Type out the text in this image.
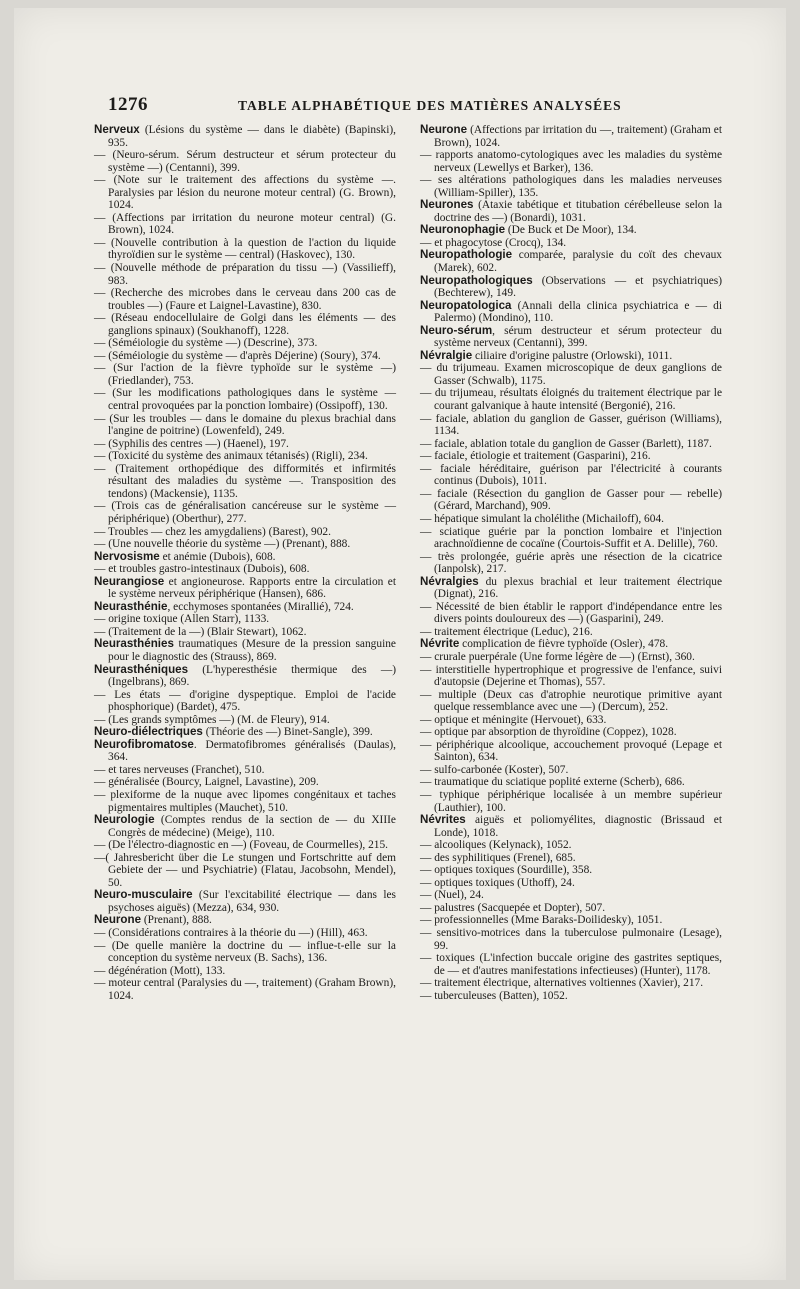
1276	TABLE ALPHABÉTIQUE DES MATIÈRES ANALYSÉES

Nerveux (Lésions du système — dans le diabète) (Bapinski), 935.

— (Neuro-sérum. Sérum destructeur et sérum protecteur du système —) (Centanni), 399.

— (Note sur le traitement des affections du système —. Paralysies par lésion du neurone moteur central) (G. Brown), 1024.

— (Affections par irritation du neurone moteur central) (G. Brown), 1024.

— (Nouvelle contribution à la question de l'action du liquide thyroïdien sur le système — central) (Haskovec), 130.

— (Nouvelle méthode de préparation du tissu —) (Vassilieff), 983.

— (Recherche des microbes dans le cerveau dans 200 cas de troubles —) (Faure et Laignel-Lavastine), 830.

— (Réseau endocellulaire de Golgi dans les éléments — des ganglions spinaux) (Soukhanoff), 1228.

— (Séméiologie du système —) (Descrine), 373.

— (Séméiologie du système — d'après Déjerine) (Soury), 374.

— (Sur l'action de la fièvre typhoïde sur le système —) (Friedlander), 753.

— (Sur les modifications pathologiques dans le système — central provoquées par la ponction lombaire) (Ossipoff), 130.

— (Sur les troubles — dans le domaine du plexus brachial dans l'angine de poitrine) (Lowenfeld), 249.

— (Syphilis des centres —) (Haenel), 197.

— (Toxicité du système des animaux tétanisés) (Rigli), 234.

— (Traitement orthopédique des difformités et infirmités résultant des maladies du système —. Transposition des tendons) (Mackensie), 1135.

— (Trois cas de généralisation cancéreuse sur le système — périphérique) (Oberthur), 277.

— Troubles — chez les amygdaliens) (Barest), 902.

— (Une nouvelle théorie du système —) (Prenant), 888.

Nervosisme et anémie (Dubois), 608.

— et troubles gastro-intestinaux (Dubois), 608.

Neurangiose et angioneurose. Rapports entre la circulation et le système nerveux périphérique (Hansen), 686.

Neurasthénie, ecchymoses spontanées (Mirallié), 724.

— origine toxique (Allen Starr), 1133.

— (Traitement de la —) (Blair Stewart), 1062.

Neurasthénies traumatiques (Mesure de la pression sanguine pour le diagnostic des (Strauss), 869.

Neurasthéniques (L'hyperesthésie thermique des —) (Ingelbrans), 869.

— Les états — d'origine dyspeptique. Emploi de l'acide phosphorique) (Bardet), 475.

— (Les grands symptômes —) (M. de Fleury), 914.

Neuro-diélectriques (Théorie des —) Binet-Sangle), 399.

Neurofibromatose. Dermatofibromes généralisés (Daulas), 364.

— et tares nerveuses (Franchet), 510.

— généralisée (Bourcy, Laignel, Lavastine), 209.

— plexiforme de la nuque avec lipomes congénitaux et taches pigmentaires multiples (Mauchet), 510.

Neurologie (Comptes rendus de la section de — du XIIIe Congrès de médecine) (Meige), 110.

— (De l'électro-diagnostic en —) (Foveau, de Courmelles), 215.

—( Jahresbericht über die Le stungen und Fortschritte auf dem Gebiete der — und Psychiatrie) (Flatau, Jacobsohn, Mendel), 50.

Neuro-musculaire (Sur l'excitabilité électrique — dans les psychoses aiguës) (Mezza), 634, 930.

Neurone (Prenant), 888.

— (Considérations contraires à la théorie du —) (Hill), 463.

— (De quelle manière la doctrine du — influe-t-elle sur la conception du système nerveux (B. Sachs), 136.

— dégénération (Mott), 133.

— moteur central (Paralysies du —, traitement) (Graham Brown), 1024.

Neurone (Affections par irritation du —, traitement) (Graham et Brown), 1024.

— rapports anatomo-cytologiques avec les maladies du système nerveux (Lewellys et Barker), 136.

— ses altérations pathologiques dans les maladies nerveuses (William-Spiller), 135.

Neurones (Ataxie tabétique et titubation cérébelleuse selon la doctrine des —) (Bonardi), 1031.

Neuronophagie (De Buck et De Moor), 134.

— et phagocytose (Crocq), 134.

Neuropathologie comparée, paralysie du coït des chevaux (Marek), 602.

Neuropathologiques (Observations — et psychiatriques) (Bechterew), 149.

Neuropatologica (Annali della clinica psychiatrica e — di Palermo) (Mondino), 110.

Neuro-sérum, sérum destructeur et sérum protecteur du système nerveux (Centanni), 399.

Névralgie ciliaire d'origine palustre (Orlowski), 1011.

— du trijumeau. Examen microscopique de deux ganglions de Gasser (Schwalb), 1175.

— du trijumeau, résultats éloignés du traitement électrique par le courant galvanique à haute intensité (Bergonié), 216.

— faciale, ablation du ganglion de Gasser, guérison (Williams), 1134.

— faciale, ablation totale du ganglion de Gasser (Barlett), 1187.

— faciale, étiologie et traitement (Gasparini), 216.

— faciale héréditaire, guérison par l'électricité à courants continus (Dubois), 1011.

— faciale (Résection du ganglion de Gasser pour — rebelle) (Gérard, Marchand), 909.

— hépatique simulant la cholélithe (Michailoff), 604.

— sciatique guérie par la ponction lombaire et l'injection arachnoïdienne de cocaïne (Courtois-Suffit et A. Delille), 760.

— très prolongée, guérie après une résection de la cicatrice (Ianpolsk), 217.

Névralgies du plexus brachial et leur traitement électrique (Dignat), 216.

— Nécessité de bien établir le rapport d'indépendance entre les divers points douloureux des —) (Gasparini), 249.

— traitement électrique (Leduc), 216.

Névrite complication de fièvre typhoïde (Osler), 478.

— crurale puerpérale (Une forme légère de —) (Ernst), 360.

— interstitielle hypertrophique et progressive de l'enfance, suivi d'autopsie (Dejerine et Thomas), 557.

— multiple (Deux cas d'atrophie neurotique primitive ayant quelque ressemblance avec une —) (Dercum), 252.

— optique et méningite (Hervouet), 633.

— optique par absorption de thyroïdine (Coppez), 1028.

— périphérique alcoolique, accouchement provoqué (Lepage et Sainton), 634.

— sulfo-carbonée (Koster), 507.

— traumatique du sciatique poplité externe (Scherb), 686.

— typhique périphérique localisée à un membre supérieur (Lauthier), 100.

Névrites aiguës et poliomyélites, diagnostic (Brissaud et Londe), 1018.

— alcooliques (Kelynack), 1052.

— des syphilitiques (Frenel), 685.

— optiques toxiques (Sourdille), 358.

— optiques toxiques (Uthoff), 24.

— (Nuel), 24.

— palustres (Sacquepée et Dopter), 507.

— professionnelles (Mme Baraks-Doilidesky), 1051.

— sensitivo-motrices dans la tuberculose pulmonaire (Lesage), 99.

— toxiques (L'infection buccale origine des gastrites septiques, de — et d'autres manifestations infectieuses) (Hunter), 1178.

— traitement électrique, alternatives voltiennes (Xavier), 217.

— tuberculeuses (Batten), 1052.
